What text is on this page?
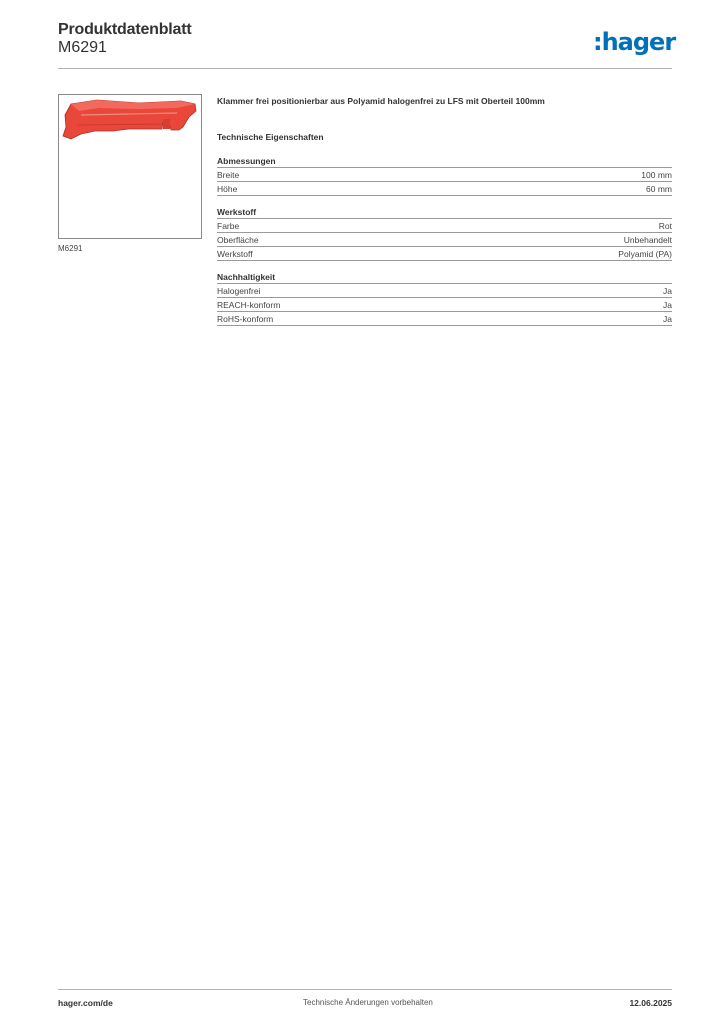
Produktdatenblatt
M6291	:hager
M6291
Klammer frei positionierbar aus Polyamid halogenfrei zu LFS mit Oberteil 100mm
Technische Eigenschaften
Abmessungen
Breite	100 mm
Höhe	60 mm
Werkstoff
Farbe	Rot
Oberfläche	Unbehandelt
Werkstoff	Polyamid (PA)
Nachhaltigkeit
Halogenfrei	Ja
REACH-konform	Ja
RoHS-konform	Ja
hager.com/de	Technische Änderungen vorbehalten	12.06.2025
